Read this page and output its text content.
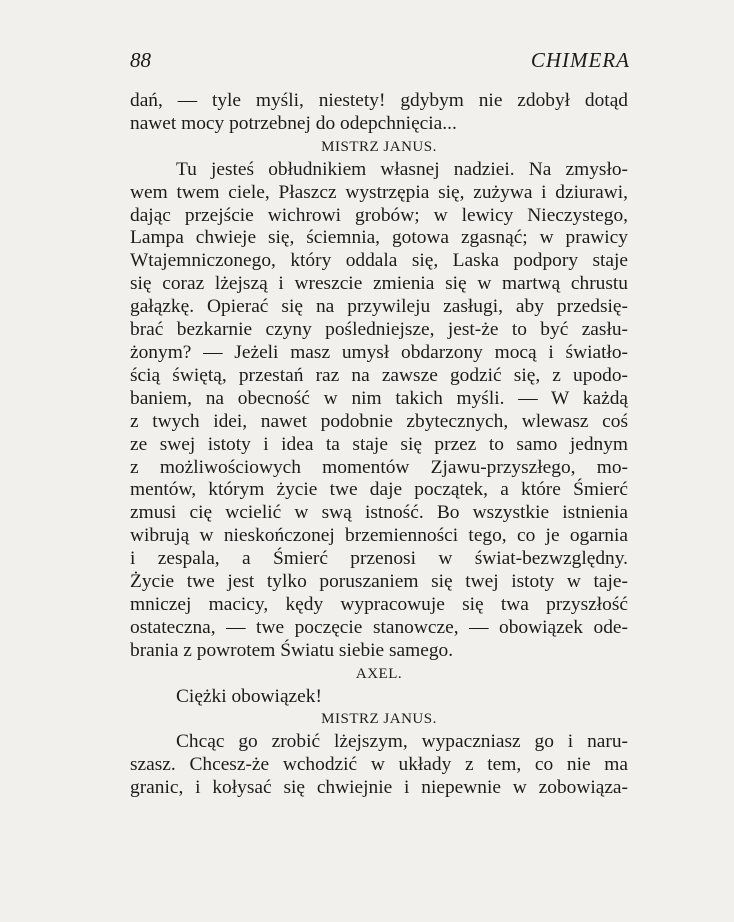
88	CHIMERA

dań, — tyle myśli, niestety! gdybym nie zdobył dotąd

nawet mocy potrzebnej do odepchnięcia...

MISTRZ JANUS.

Tu jesteś obłudnikiem własnej nadziei. Na zmysło-

wem twem ciele, Płaszcz wystrzępia się, zużywa i dziurawi,

dając przejście wichrowi grobów; w lewicy Nieczystego,

Lampa chwieje się, ściemnia, gotowa zgasnąć; w prawicy

Wtajemniczonego, który oddala się, Laska podpory staje

się coraz lżejszą i wreszcie zmienia się w martwą chrustu

gałązkę. Opierać się na przywileju zasługi, aby przedsię-

brać bezkarnie czyny pośledniejsze, jest-że to być zasłu-

żonym? — Jeżeli masz umysł obdarzony mocą i światło-

ścią świętą, przestań raz na zawsze godzić się, z upodo-

baniem, na obecność w nim takich myśli. — W każdą

z twych idei, nawet podobnie zbytecznych, wlewasz coś

ze swej istoty i idea ta staje się przez to samo jednym

z możliwościowych momentów Zjawu-przyszłego, mo-

mentów, którym życie twe daje początek, a które Śmierć

zmusi cię wcielić w swą istność. Bo wszystkie istnienia

wibrują w nieskończonej brzemienności tego, co je ogarnia

i zespala, a Śmierć przenosi w świat-bezwzględny.

Życie twe jest tylko poruszaniem się twej istoty w taje-

mniczej macicy, kędy wypracowuje się twa przyszłość

ostateczna, — twe poczęcie stanowcze, — obowiązek ode-

brania z powrotem Światu siebie samego.

AXEL.

Ciężki obowiązek!

MISTRZ JANUS.

Chcąc go zrobić lżejszym, wypaczniasz go i naru-

szasz. Chcesz-że wchodzić w układy z tem, co nie ma

granic, i kołysać się chwiejnie i niepewnie w zobowiąza-
